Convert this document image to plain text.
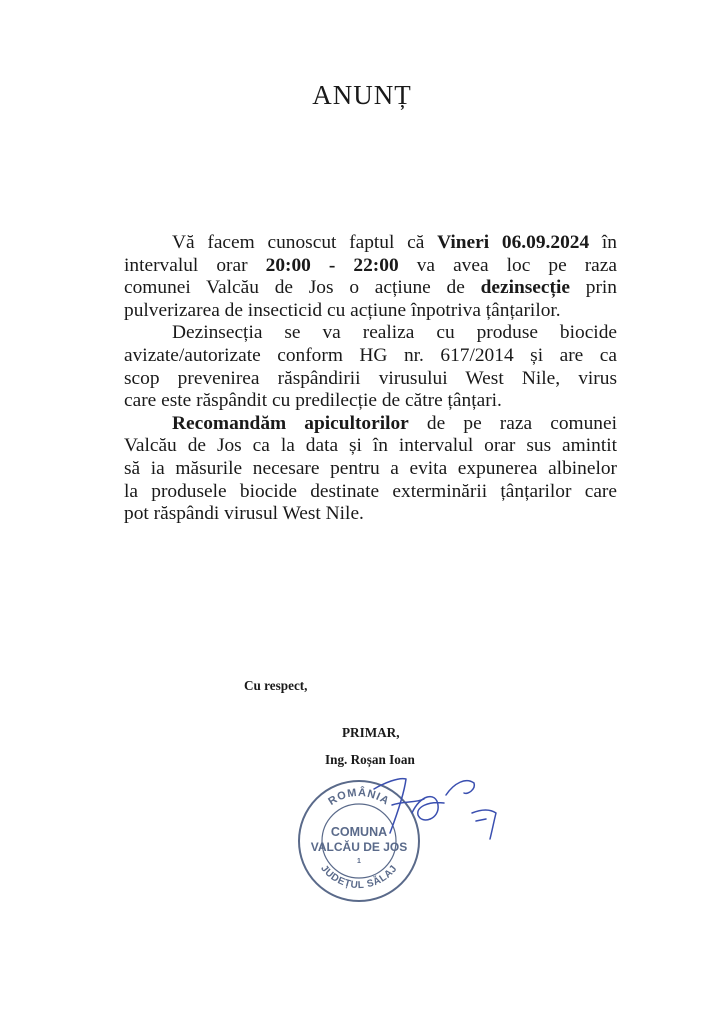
ANUNȚ

Vă facem cunoscut faptul că Vineri 06.09.2024 în
intervalul orar 20:00 - 22:00 va avea loc pe raza
comunei Valcău de Jos o acțiune de dezinsecție prin
pulverizarea de insecticid cu acțiune înpotriva țânțarilor.

Dezinsecția se va realiza cu produse biocide
avizate/autorizate conform HG nr. 617/2014 și are ca
scop prevenirea răspândirii virusului West Nile, virus
care este răspândit cu predilecție de către țânțari.

Recomandăm apicultorilor de pe raza comunei
Valcău de Jos ca la data și în intervalul orar sus amintit
să ia măsurile necesare pentru a evita expunerea albinelor
la produsele biocide destinate exterminării țânțarilor care
pot răspândi virusul West Nile.

Cu respect,

PRIMAR,

Ing. Roșan Ioan

ROMÂNIA
COMUNA
VALCĂU DE JOS
1
JUDEȚUL SĂLAJ
